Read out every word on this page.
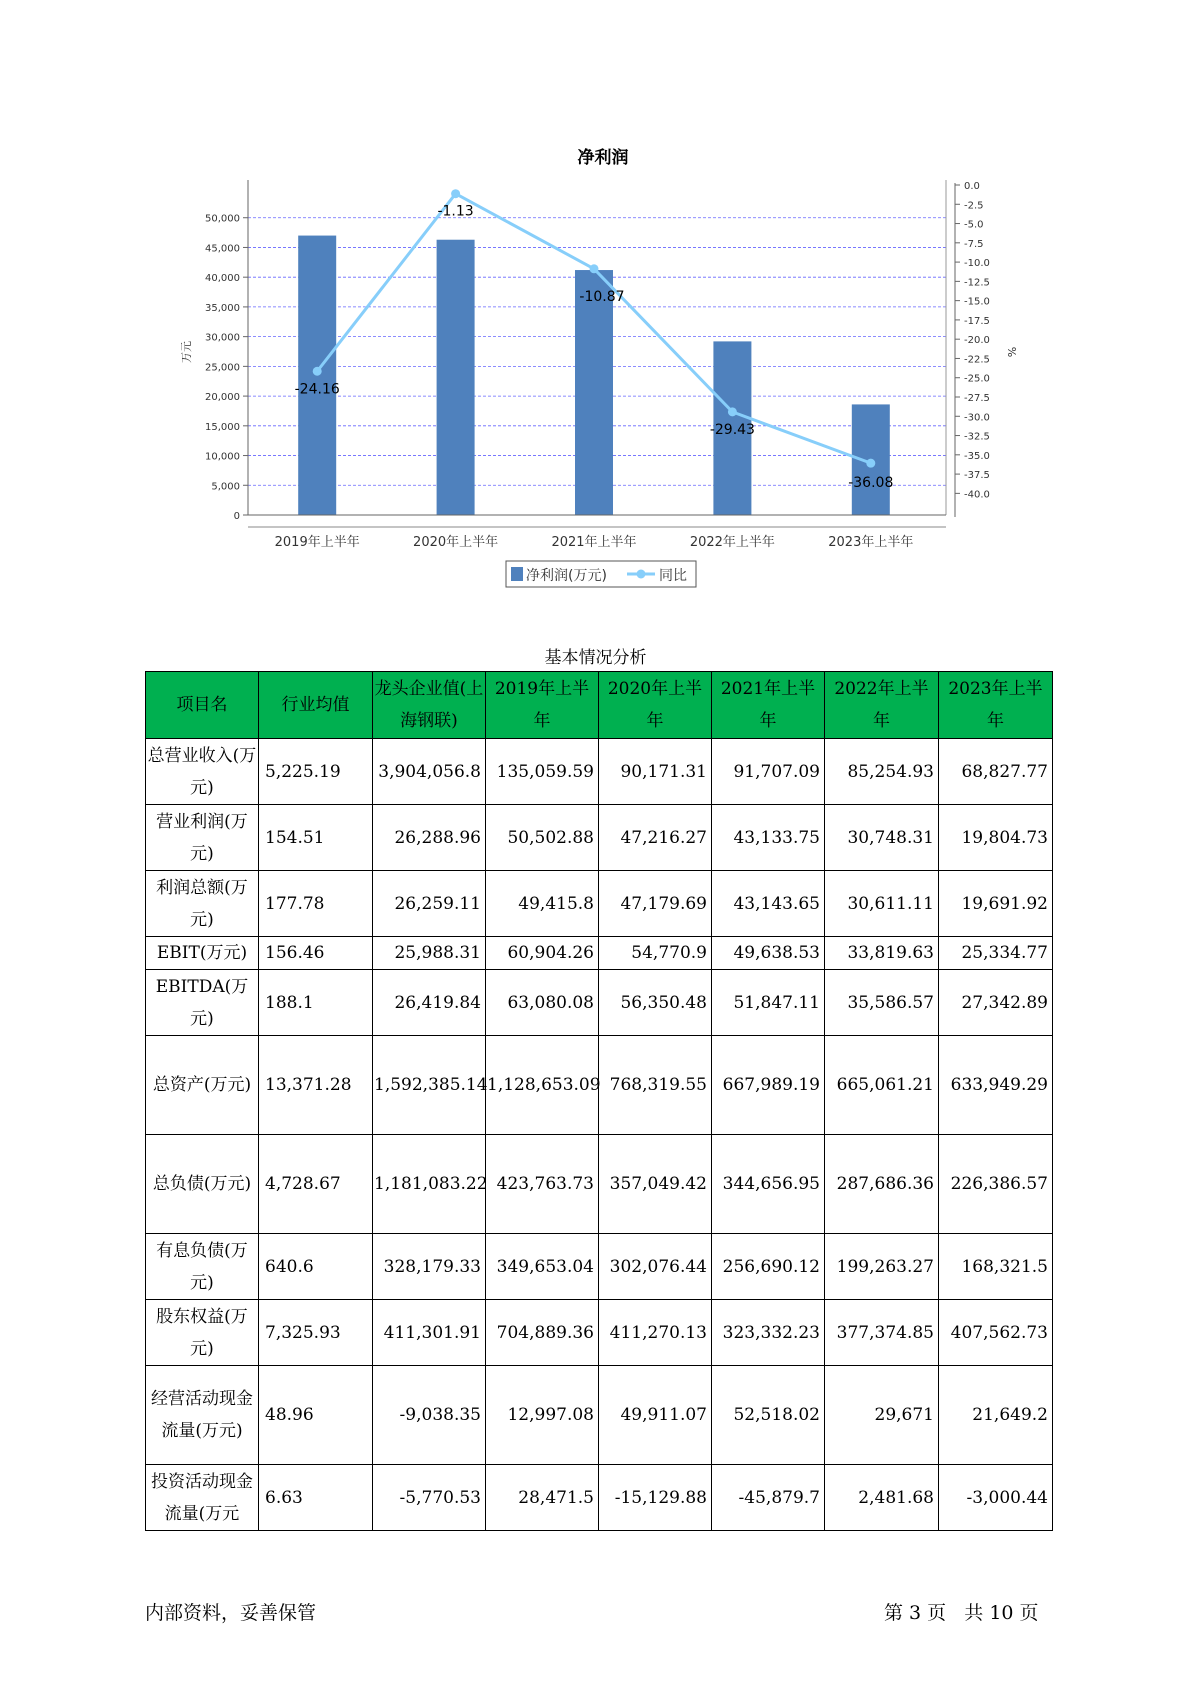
净利润
0
5,000
10,000
15,000
20,000
25,000
30,000
35,000
40,000
45,000
50,000
万元
0.0
-2.5
-5.0
-7.5
-10.0
-12.5
-15.0
-17.5
-20.0
-22.5
-25.0
-27.5
-30.0
-32.5
-35.0
-37.5
-40.0
%
2019年上半年	2020年上半年	2021年上半年	2022年上半年	2023年上半年
-24.16
-1.13
-10.87
-29.43
-36.08
净利润(万元)	同比
基本情况分析
项目名	行业均值	龙头企业值(上海钢联)	2019年上半年	2020年上半年	2021年上半年	2022年上半年	2023年上半年
总营业收入(万元)	5,225.19	3,904,056.8	135,059.59	90,171.31	91,707.09	85,254.93	68,827.77
营业利润(万元)	154.51	26,288.96	50,502.88	47,216.27	43,133.75	30,748.31	19,804.73
利润总额(万元)	177.78	26,259.11	49,415.8	47,179.69	43,143.65	30,611.11	19,691.92
EBIT(万元)	156.46	25,988.31	60,904.26	54,770.9	49,638.53	33,819.63	25,334.77
EBITDA(万元)	188.1	26,419.84	63,080.08	56,350.48	51,847.11	35,586.57	27,342.89
总资产(万元)	13,371.28	1,592,385.14	1,128,653.09	768,319.55	667,989.19	665,061.21	633,949.29
总负债(万元)	4,728.67	1,181,083.22	423,763.73	357,049.42	344,656.95	287,686.36	226,386.57
有息负债(万元)	640.6	328,179.33	349,653.04	302,076.44	256,690.12	199,263.27	168,321.5
股东权益(万元)	7,325.93	411,301.91	704,889.36	411,270.13	323,332.23	377,374.85	407,562.73
经营活动现金流量(万元)	48.96	-9,038.35	12,997.08	49,911.07	52,518.02	29,671	21,649.2
投资活动现金流量(万元	6.63	-5,770.53	28,471.5	-15,129.88	-45,879.7	2,481.68	-3,000.44
内部资料，妥善保管	第 3 页   共 10 页
